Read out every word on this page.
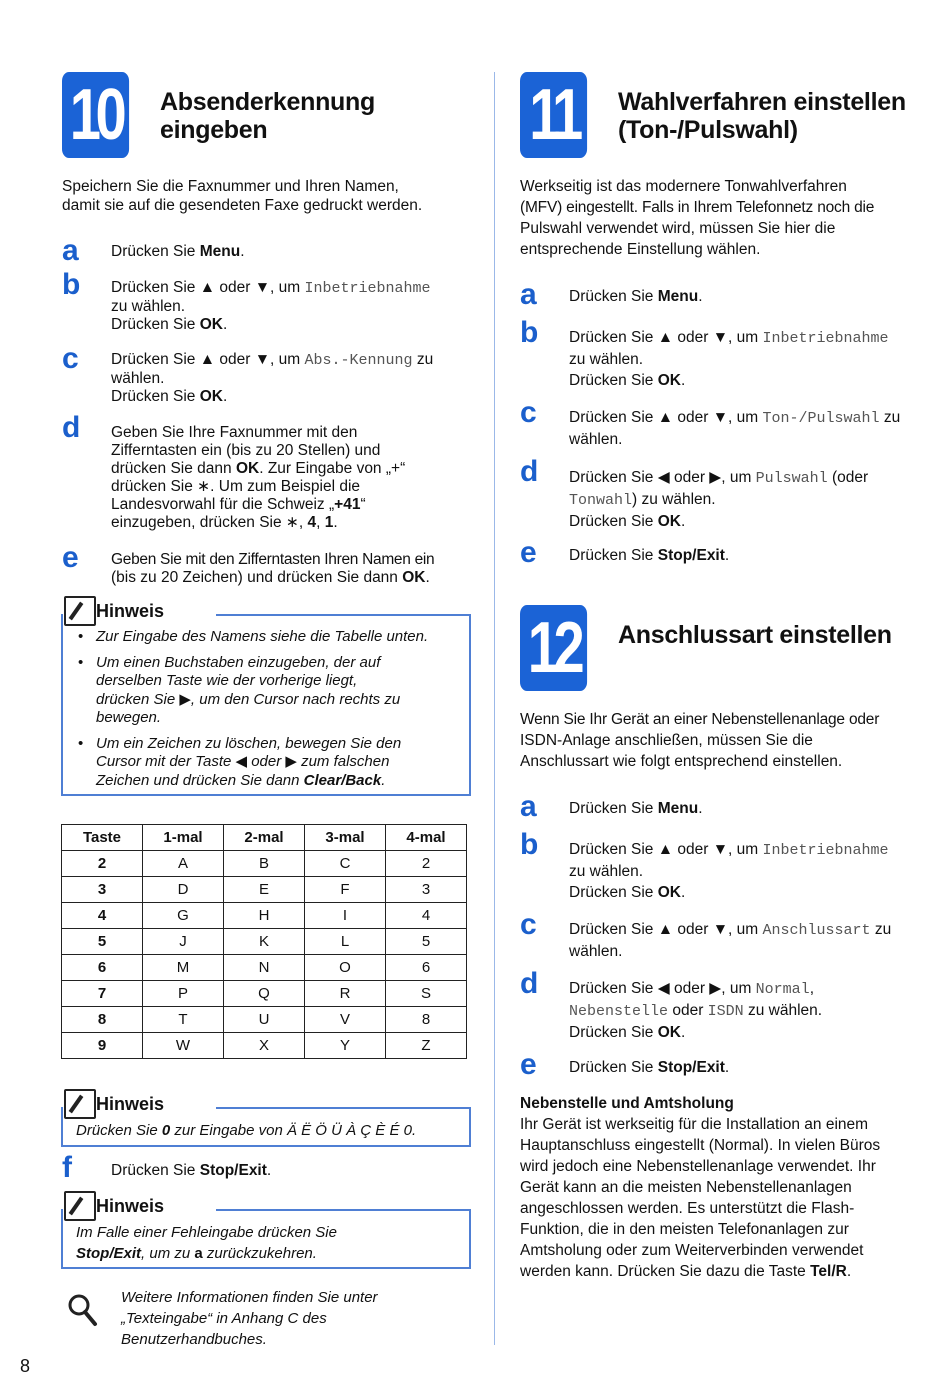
10	Absenderkennung
eingeben
Speichern Sie die Faxnummer und Ihren Namen,
damit sie auf die gesendeten Faxe gedruckt werden.
a Drücken Sie Menu.
b Drücken Sie ▲ oder ▼, um Inbetriebnahme
zu wählen.
Drücken Sie OK.
c Drücken Sie ▲ oder ▼, um Abs.-Kennung zu
wählen.
Drücken Sie OK.
d Geben Sie Ihre Faxnummer mit den
Zifferntasten ein (bis zu 20 Stellen) und
drücken Sie dann OK. Zur Eingabe von „+“
drücken Sie ∗. Um zum Beispiel die
Landesvorwahl für die Schweiz „+41“
einzugeben, drücken Sie ∗, 4, 1.
e Geben Sie mit den Zifferntasten Ihren Namen ein
(bis zu 20 Zeichen) und drücken Sie dann OK.
Hinweis
• Zur Eingabe des Namens siehe die Tabelle unten.
• Um einen Buchstaben einzugeben, der auf
derselben Taste wie der vorherige liegt,
drücken Sie ▶, um den Cursor nach rechts zu
bewegen.
• Um ein Zeichen zu löschen, bewegen Sie den
Cursor mit der Taste ◀ oder ▶ zum falschen
Zeichen und drücken Sie dann Clear/Back.
Taste	1-mal	2-mal	3-mal	4-mal
2	A	B	C	2
3	D	E	F	3
4	G	H	I	4
5	J	K	L	5
6	M	N	O	6
7	P	Q	R	S
8	T	U	V	8
9	W	X	Y	Z
Hinweis
Drücken Sie 0 zur Eingabe von Ä Ë Ö Ü À Ç È É 0.
f	Drücken Sie Stop/Exit.
Hinweis
Im Falle einer Fehleingabe drücken Sie
Stop/Exit, um zu a zurückzukehren.
Weitere Informationen finden Sie unter
„Texteingabe“ in Anhang C des
Benutzerhandbuches.
11	Wahlverfahren einstellen
(Ton-/Pulswahl)
Werkseitig ist das modernere Tonwahlverfahren
(MFV) eingestellt. Falls in Ihrem Telefonnetz noch die
Pulswahl verwendet wird, müssen Sie hier die
entsprechende Einstellung wählen.
a Drücken Sie Menu.
b Drücken Sie ▲ oder ▼, um Inbetriebnahme
zu wählen.
Drücken Sie OK.
c Drücken Sie ▲ oder ▼, um Ton-/Pulswahl zu
wählen.
d Drücken Sie ◀ oder ▶, um Pulswahl (oder
Tonwahl) zu wählen.
Drücken Sie OK.
e Drücken Sie Stop/Exit.
12	Anschlussart einstellen
Wenn Sie Ihr Gerät an einer Nebenstellenanlage oder
ISDN-Anlage anschließen, müssen Sie die
Anschlussart wie folgt entsprechend einstellen.
a Drücken Sie Menu.
b Drücken Sie ▲ oder ▼, um Inbetriebnahme
zu wählen.
Drücken Sie OK.
c Drücken Sie ▲ oder ▼, um Anschlussart zu
wählen.
d Drücken Sie ◀ oder ▶, um Normal,
Nebenstelle oder ISDN zu wählen.
Drücken Sie OK.
e Drücken Sie Stop/Exit.
Nebenstelle und Amtsholung
Ihr Gerät ist werkseitig für die Installation an einem
Hauptanschluss eingestellt (Normal). In vielen Büros
wird jedoch eine Nebenstellenanlage verwendet. Ihr
Gerät kann an die meisten Nebenstellenanlagen
angeschlossen werden. Es unterstützt die Flash-
Funktion, die in den meisten Telefonanlagen zur
Amtsholung oder zum Weiterverbinden verwendet
werden kann. Drücken Sie dazu die Taste Tel/R.
8
